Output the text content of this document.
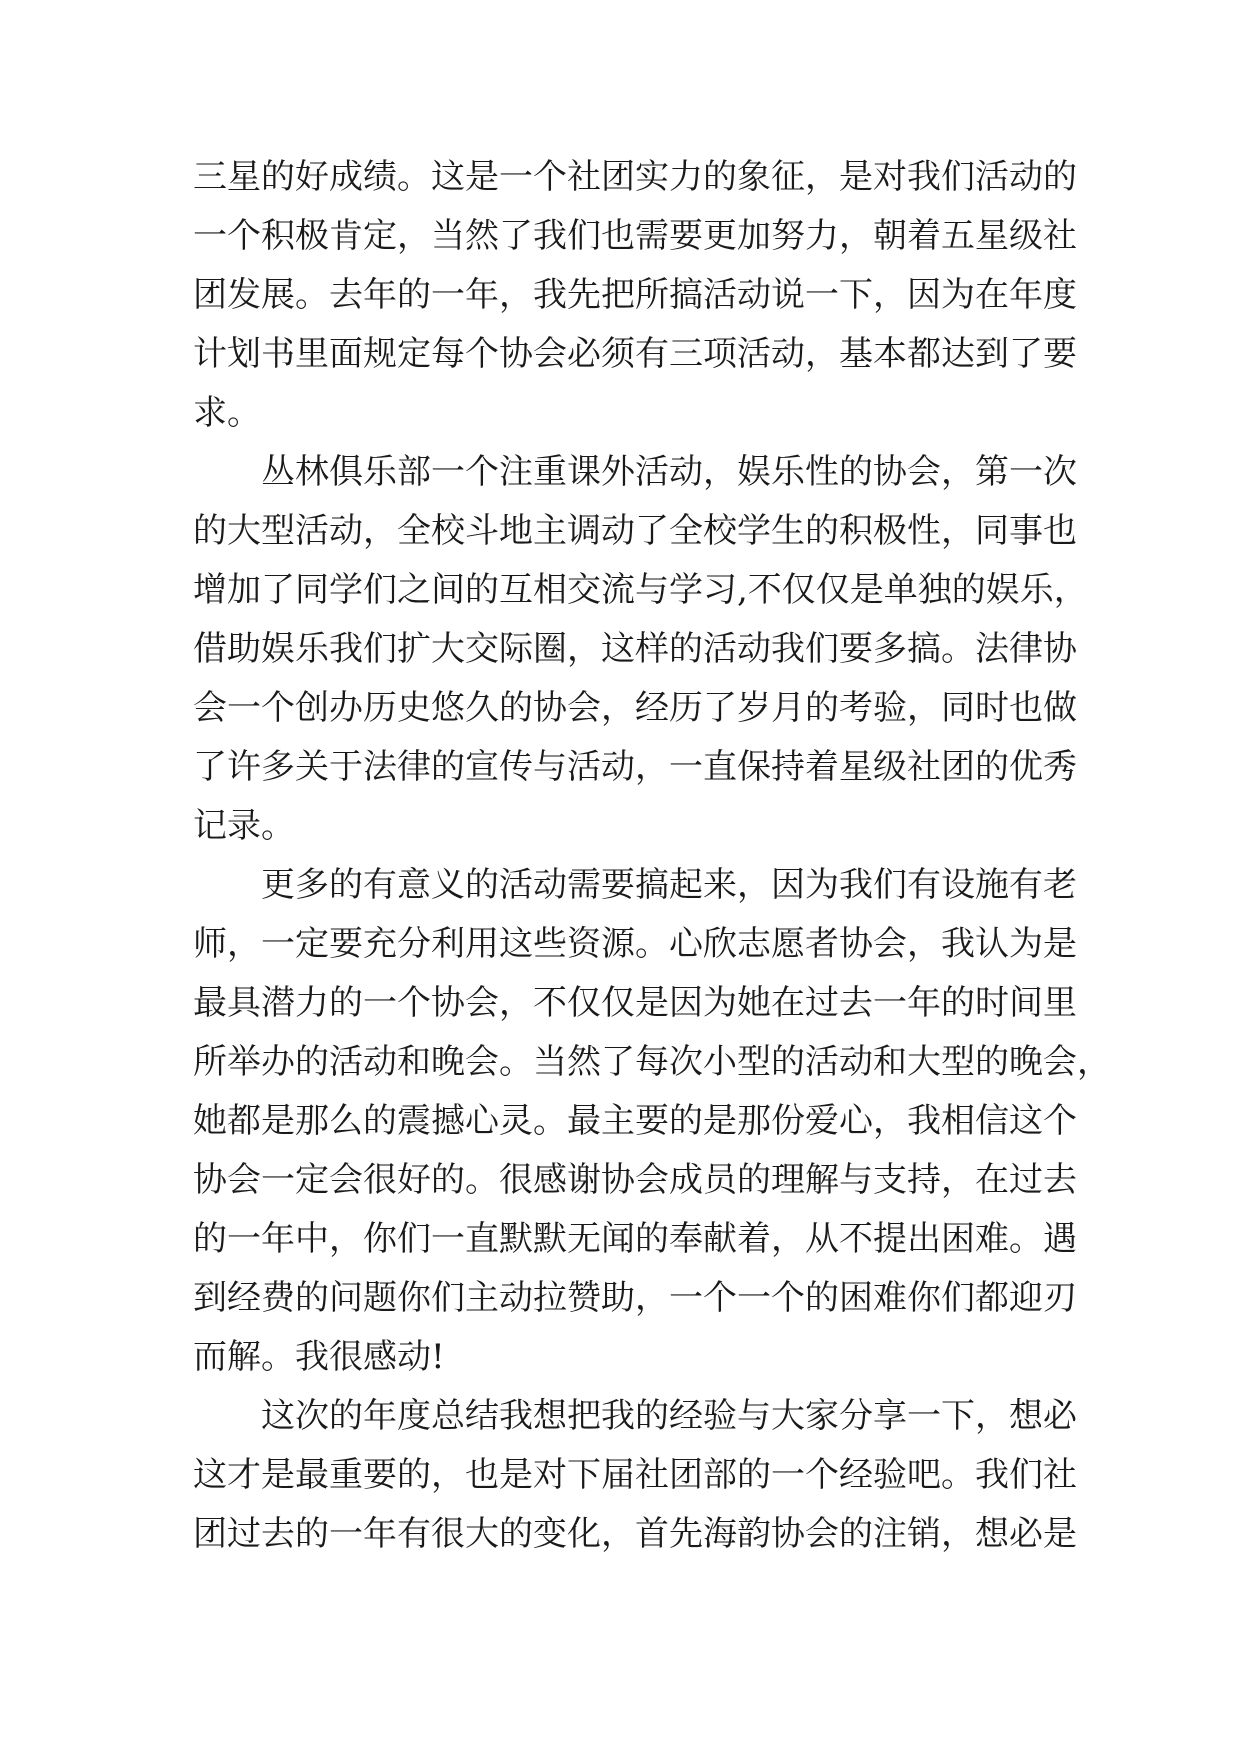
三星的好成绩。这是一个社团实力的象征，是对我们活动的
一个积极肯定，当然了我们也需要更加努力，朝着五星级社
团发展。去年的一年，我先把所搞活动说一下，因为在年度
计划书里面规定每个协会必须有三项活动，基本都达到了要
求。
丛林俱乐部一个注重课外活动，娱乐性的协会，第一次
的大型活动，全校斗地主调动了全校学生的积极性，同事也
增加了同学们之间的互相交流与学习,不仅仅是单独的娱乐，
借助娱乐我们扩大交际圈，这样的活动我们要多搞。法律协
会一个创办历史悠久的协会，经历了岁月的考验，同时也做
了许多关于法律的宣传与活动，一直保持着星级社团的优秀
记录。
更多的有意义的活动需要搞起来，因为我们有设施有老
师，一定要充分利用这些资源。心欣志愿者协会，我认为是
最具潜力的一个协会，不仅仅是因为她在过去一年的时间里
所举办的活动和晚会。当然了每次小型的活动和大型的晚会，
她都是那么的震撼心灵。最主要的是那份爱心，我相信这个
协会一定会很好的。很感谢协会成员的理解与支持，在过去
的一年中，你们一直默默无闻的奉献着，从不提出困难。遇
到经费的问题你们主动拉赞助，一个一个的困难你们都迎刃
而解。我很感动!
这次的年度总结我想把我的经验与大家分享一下，想必
这才是最重要的，也是对下届社团部的一个经验吧。我们社
团过去的一年有很大的变化，首先海韵协会的注销，想必是
